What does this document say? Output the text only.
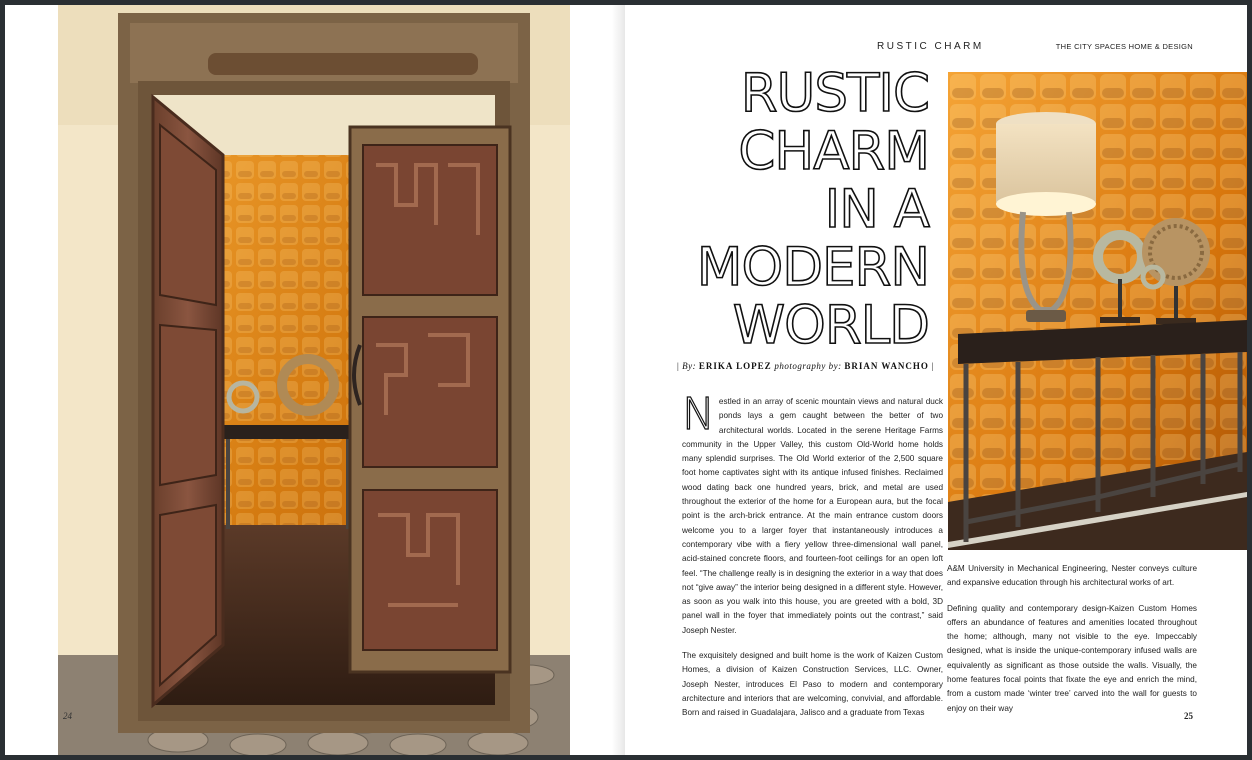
24
RUSTIC CHARM	THE CITY SPACES HOME & DESIGN
RUSTIC
CHARM
IN A
MODERN
WORLD
| By: ERIKA LOPEZ photography by: BRIAN WANCHO |

Nestled in an array of scenic mountain views and natural duck ponds lays a gem caught between the better of two architectural worlds. Located in the serene Heritage Farms community in the Upper Valley, this custom Old-World home holds many splendid surprises. The Old World exterior of the 2,500 square foot home captivates sight with its antique infused finishes. Reclaimed wood dating back one hundred years, brick, and metal are used throughout the exterior of the home for a European aura, but the focal point is the arch-brick entrance. At the main entrance custom doors welcome you to a larger foyer that instantaneously introduces a contemporary vibe with a fiery yellow three-dimensional wall panel, acid-stained concrete floors, and fourteen-foot ceilings for an open loft feel. “The challenge really is in designing the exterior in a way that does not “give away” the interior being designed in a different style. However, as soon as you walk into this house, you are greeted with a bold, 3D panel wall in the foyer that immediately points out the contrast,” said Joseph Nester.

The exquisitely designed and built home is the work of Kaizen Custom Homes, a division of Kaizen Construction Services, LLC. Owner, Joseph Nester, introduces El Paso to modern and contemporary architecture and interiors that are welcoming, convivial, and affordable. Born and raised in Guadalajara, Jalisco and a graduate from Texas

A&M University in Mechanical Engineering, Nester conveys culture and expansive education through his architectural works of art.

Defining quality and contemporary design-Kaizen Custom Homes offers an abundance of features and amenities located throughout the home; although, many not visible to the eye. Impeccably designed, what is inside the unique-contemporary infused walls are equivalently as significant as those outside the walls. Visually, the home features focal points that fixate the eye and enrich the mind, from a custom made ‘winter tree’ carved into the wall for guests to enjoy on their way

25
